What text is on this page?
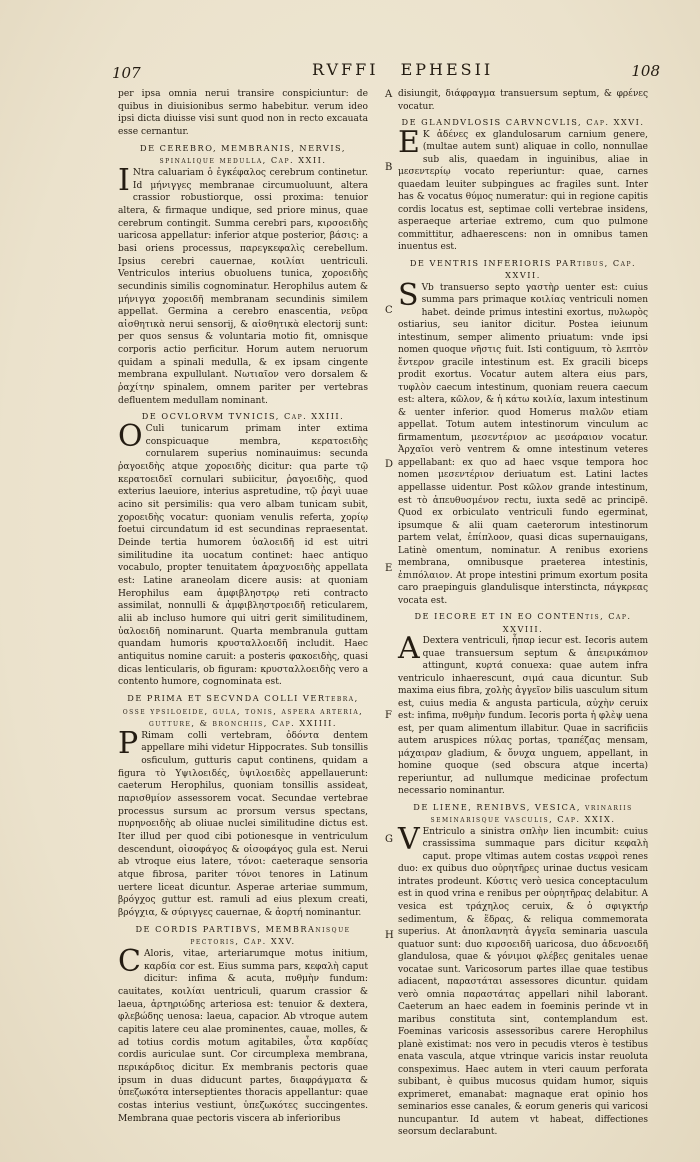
107	RVFFI EPHESII	108
A
B
C
D
E
F
G
H

per ipsa omnia nerui transire conspiciuntur: de quibus in diuisionibus sermo habebitur. verum ideo ipsi dicta diuisse visi sunt quod non in recto excauata esse cernantur.

DE CEREBRO, MEMBRANIS, NERVIS, spinalique medulla, Cap. XXII.

I Ntra caluariam ὁ ἐγκέφαλος cerebrum continetur. Id μήνιγγες membranae circumuoluunt, altera crassior robustiorque, ossi proxima: tenuior altera, & firmaque undique, sed priore minus, quae cerebrum contingit. Summa cerebri pars, κιρσοειδὴς uaricosa appellatur: inferior atque posterior, βάσις: a basi oriens processus, παρεγκεφαλὶς cerebellum. Ipsius cerebri cauernae, κοιλίαι uentriculi. Ventriculos interius obuoluens tunica, χοροειδὴς secundinis similis cognominatur. Herophilus autem & μήνιγγα χοροειδῆ membranam secundinis similem appellat. Germina a cerebro enascentia, νεῦρα αἰσθητικὰ nerui sensorij, & αἰσθητικὰ electorij sunt: per quos sensus & voluntaria motio fit, omnisque corporis actio perficitur. Horum autem neruorum quidam a spinali medulla, & ex ipsam cingente membrana expullulant. Νωτιαῖον vero dorsalem & ῥαχίτην spinalem, omnem pariter per vertebras defluentem medullam nominant.

DE OCVLORVM TVNICIS, Cap. XXIII.

O Culi tunicarum primam inter extima conspicuaque membra, κερατοειδὴς cornularem superius nominauimus: secunda ῥαγοειδὴς atque χοροειδὴς dicitur: qua parte τῷ κερατοειδεῖ cornulari subiicitur, ῥαγοειδὴς, quod exterius laeuiore, interius aspretudine, τῷ ῥαγὶ uuae acino sit persimilis: qua vero albam tunicam subit, χοροειδὴς vocatur: quoniam venulis referta, χορίῳ foetui circundatum id est secundinas repraesentat. Deinde tertia humorem ὑαλοειδῆ id est uitri similitudine ita uocatum continet: haec antiquo vocabulo, propter tenuitatem ἀραχνοειδὴς appellata est: Latine araneolam dicere ausis: at quoniam Herophilus eam ἀμφιβληστρῳ reti contracto assimilat, nonnulli & ἀμφιβληστροειδῆ reticularem, alii ab incluso humore qui uitri gerit similitudinem, ὑαλοειδῆ nominarunt. Quarta membranula guttam quandam humoris κρυσταλλοειδῆ includit. Haec antiquitus nomine caruit: a posteris φακοειδὴς, quasi dicas lenticularis, ob figuram: κρυσταλλοειδὴς vero a contento humore, cognominata est.

DE PRIMA ET SECVNDA COLLI VERtebra, osse ypsiloeide, gula, tonis, aspera arteria, gutture, & bronchiis, Cap. XXIIII.

P Rimam colli vertebram, ὀδόντα dentem appellare mihi videtur Hippocrates. Sub tonsillis osficulum, gutturis caput continens, quidam a figura τὸ Υψιλοειδές, ὑψιλοειδὲς appellauerunt: caeterum Herophilus, quoniam tonsillis assideat, παρισθμίον assessorem vocat. Secundae vertebrae processus sursum ac prorsum versus spectans, πυρηνοειδὴς ab oliuae nuclei similitudine dictus est. Iter illud per quod cibi potionesque in ventriculum descendunt, οἰσοφάγος & οἰσοφάγος gula est. Nerui ab vtroque eius latere, τόνοι: caeteraque sensoria atque fibrosa, pariter τόνοι tenores in Latinum uertere liceat dicuntur. Asperae arteriae summum, βρόγχος guttur est. ramuli ad eius plexum creati, βρόγχια, & σύριγγες cauernae, & ἀορτή nominantur.

DE CORDIS PARTIBVS, MEMBRAnisque pectoris, Cap. XXV.

C Aloris, vitae, arteriarumque motus initium, καρδία cor est. Eius summa pars, κεφαλὴ caput dicitur: infima & acuta, πυθμὴν fundum: cauitates, κοιλίαι uentriculi, quarum crassior & laeua, ἀρτηριώδης arteriosa est: tenuior & dextera, φλεβώδης uenosa: laeua, capacior. Ab vtroque autem capitis latere ceu alae prominentes, cauae, molles, & ad totius cordis motum agitabiles, ὦτα καρδίας cordis auriculae sunt. Cor circumplexa membrana, περικάρδιος dicitur. Ex membranis pectoris quae ipsum in duas diducunt partes, διαφράγματα & ὑπεζωκότα interseptientes thoracis appellantur: quae costas interius vestiunt, ὑπεζωκότες succingentes. Membrana quae pectoris viscera ab inferioribus

disiungit, διάφραγμα transuersum septum, & φρένες vocatur.

DE GLANDVLOSIS CARVNCVLIS, Cap. XXVI.

E K ἀδένες ex glandulosarum carnium genere, (multae autem sunt) aliquae in collo, nonnullae sub alis, quaedam in inguinibus, aliae in μεσεντερίῳ vocato reperiuntur: quae, carnes quaedam leuiter subpingues ac fragiles sunt. Inter has & vocatus θύμος numeratur: qui in regione capitis cordis locatus est, septimae colli vertebrae insidens, asperaeque arteriae extremo, cum quo pulmone committitur, adhaerescens: non in omnibus tamen inuentus est.

DE VENTRIS INFERIORIS PARtibus, Cap. XXVII.

S Vb transuerso septo γαστὴρ uenter est: cuius summa pars primaque κοιλίας ventriculi nomen habet. deinde primus intestini exortus, πυλωρὸς ostiarius, seu ianitor dicitur. Postea ieiunum intestinum, semper alimento priuatum: vnde ipsi nomen quoque νῆστις fuit. Isti contiguum, τὸ λεπτὸν ἔντερον gracile intestinum est. Ex gracili biceps prodit exortus. Vocatur autem altera eius pars, τυφλὸν caecum intestinum, quoniam reuera caecum est: altera, κῶλον, & ἡ κάτω κοιλία, laxum intestinum & uenter inferior. quod Homerus πιαλῶν etiam appellat. Totum autem intestinorum vinculum ac firmamentum, μεσεντέριον ac μεσάραιον vocatur. Ἀρχαῖοι verò ventrem & omne intestinum veteres appellabant: ex quo ad haec vsque tempora hoc nomen μεσεντέριον deriuatum est. Latini lactes appellasse uidentur. Post κῶλον grande intestinum, est τὸ ἀπευθυσμένον rectu, iuxta sedē ac principē. Quod ex orbiculato ventriculi fundo egerminat, ipsumque & alii quam caeterorum intestinorum partem velat, ἐπίπλοον, quasi dicas supernauigans, Latinè omentum, nominatur. A renibus exoriens membrana, omnibusque praeterea intestinis, ἐπιπόλαιον. At prope intestini primum exortum posita caro praepinguis glandulisque interstincta, πάγκρεας vocata est.

DE IECORE ET IN EO CONTENtis, Cap. XXVIII.

A Dextera ventriculi, ἧπαρ iecur est. Iecoris autem quae transuersum septum & ἀπειρικάπιον attingunt, κυρτά conuexa: quae autem infra ventriculo inhaerescunt, σιμά caua dicuntur. Sub maxima eius fibra, χολὴς ἀγγεῖον bilis uasculum situm est, cuius media & angusta particula, αὐχὴν ceruix est: infima, πυθμὴν fundum. Iecoris porta ἡ φλὲψ uena est, per quam alimentum illabitur. Quae in sacrificiis autem aruspices πύλας portas, τραπέζας mensam, μάχαιραν gladium, & ὄνυχα unguem, appellant, in homine quoque (sed obscura atque incerta) reperiuntur, ad nullumque medicinae profectum necessario nominantur.

DE LIENE, RENIBVS, VESICA, vrinariis seminarisque vasculis, Cap. XXIX.

V Entriculo a sinistra σπλὴν lien incumbit: cuius crassissima summaque pars dicitur κεφαλὴ caput. prope vltimas autem costas νεφροὶ renes duo: ex quibus duo οὐρητῆρες urinae ductus vesicam intrates prodeunt. Κύστις verò uesica conceptaculum est in quod vrina e renibus per οὐρητῆρας delabitur. A vesica est τράχηλος ceruix, & ὁ σφιγκτήρ sedimentum, & ἕδρας, & reliqua commemorata superius. At ἀποπλανητὰ ἀγγεῖα seminaria uascula quatuor sunt: duo κιρσοειδῆ uaricosa, duo ἀδενοειδῆ glandulosa, quae & γόνιμοι φλέβες genitales uenae vocatae sunt. Varicosorum partes illae quae testibus adiacent, παραστάται assessores dicuntur. quidam verò omnia παραστάτας appellari nihil laborant. Caeterum an haec eadem in foeminis perinde vt in maribus constituta sint, contemplandum est. Foeminas varicosis assessoribus carere Herophilus planè existimat: nos vero in pecudis vteros è testibus enata vascula, atque vtrinque varicis instar reuoluta conspeximus. Haec autem in vteri cauum perforata subibant, è quibus mucosus quidam humor, siquis exprimeret, emanabat: magnaque erat opinio hos seminarios esse canales, & eorum generis qui varicosi nuncupantur. Id autem vt habeat, diffectiones seorsum declarabunt.
